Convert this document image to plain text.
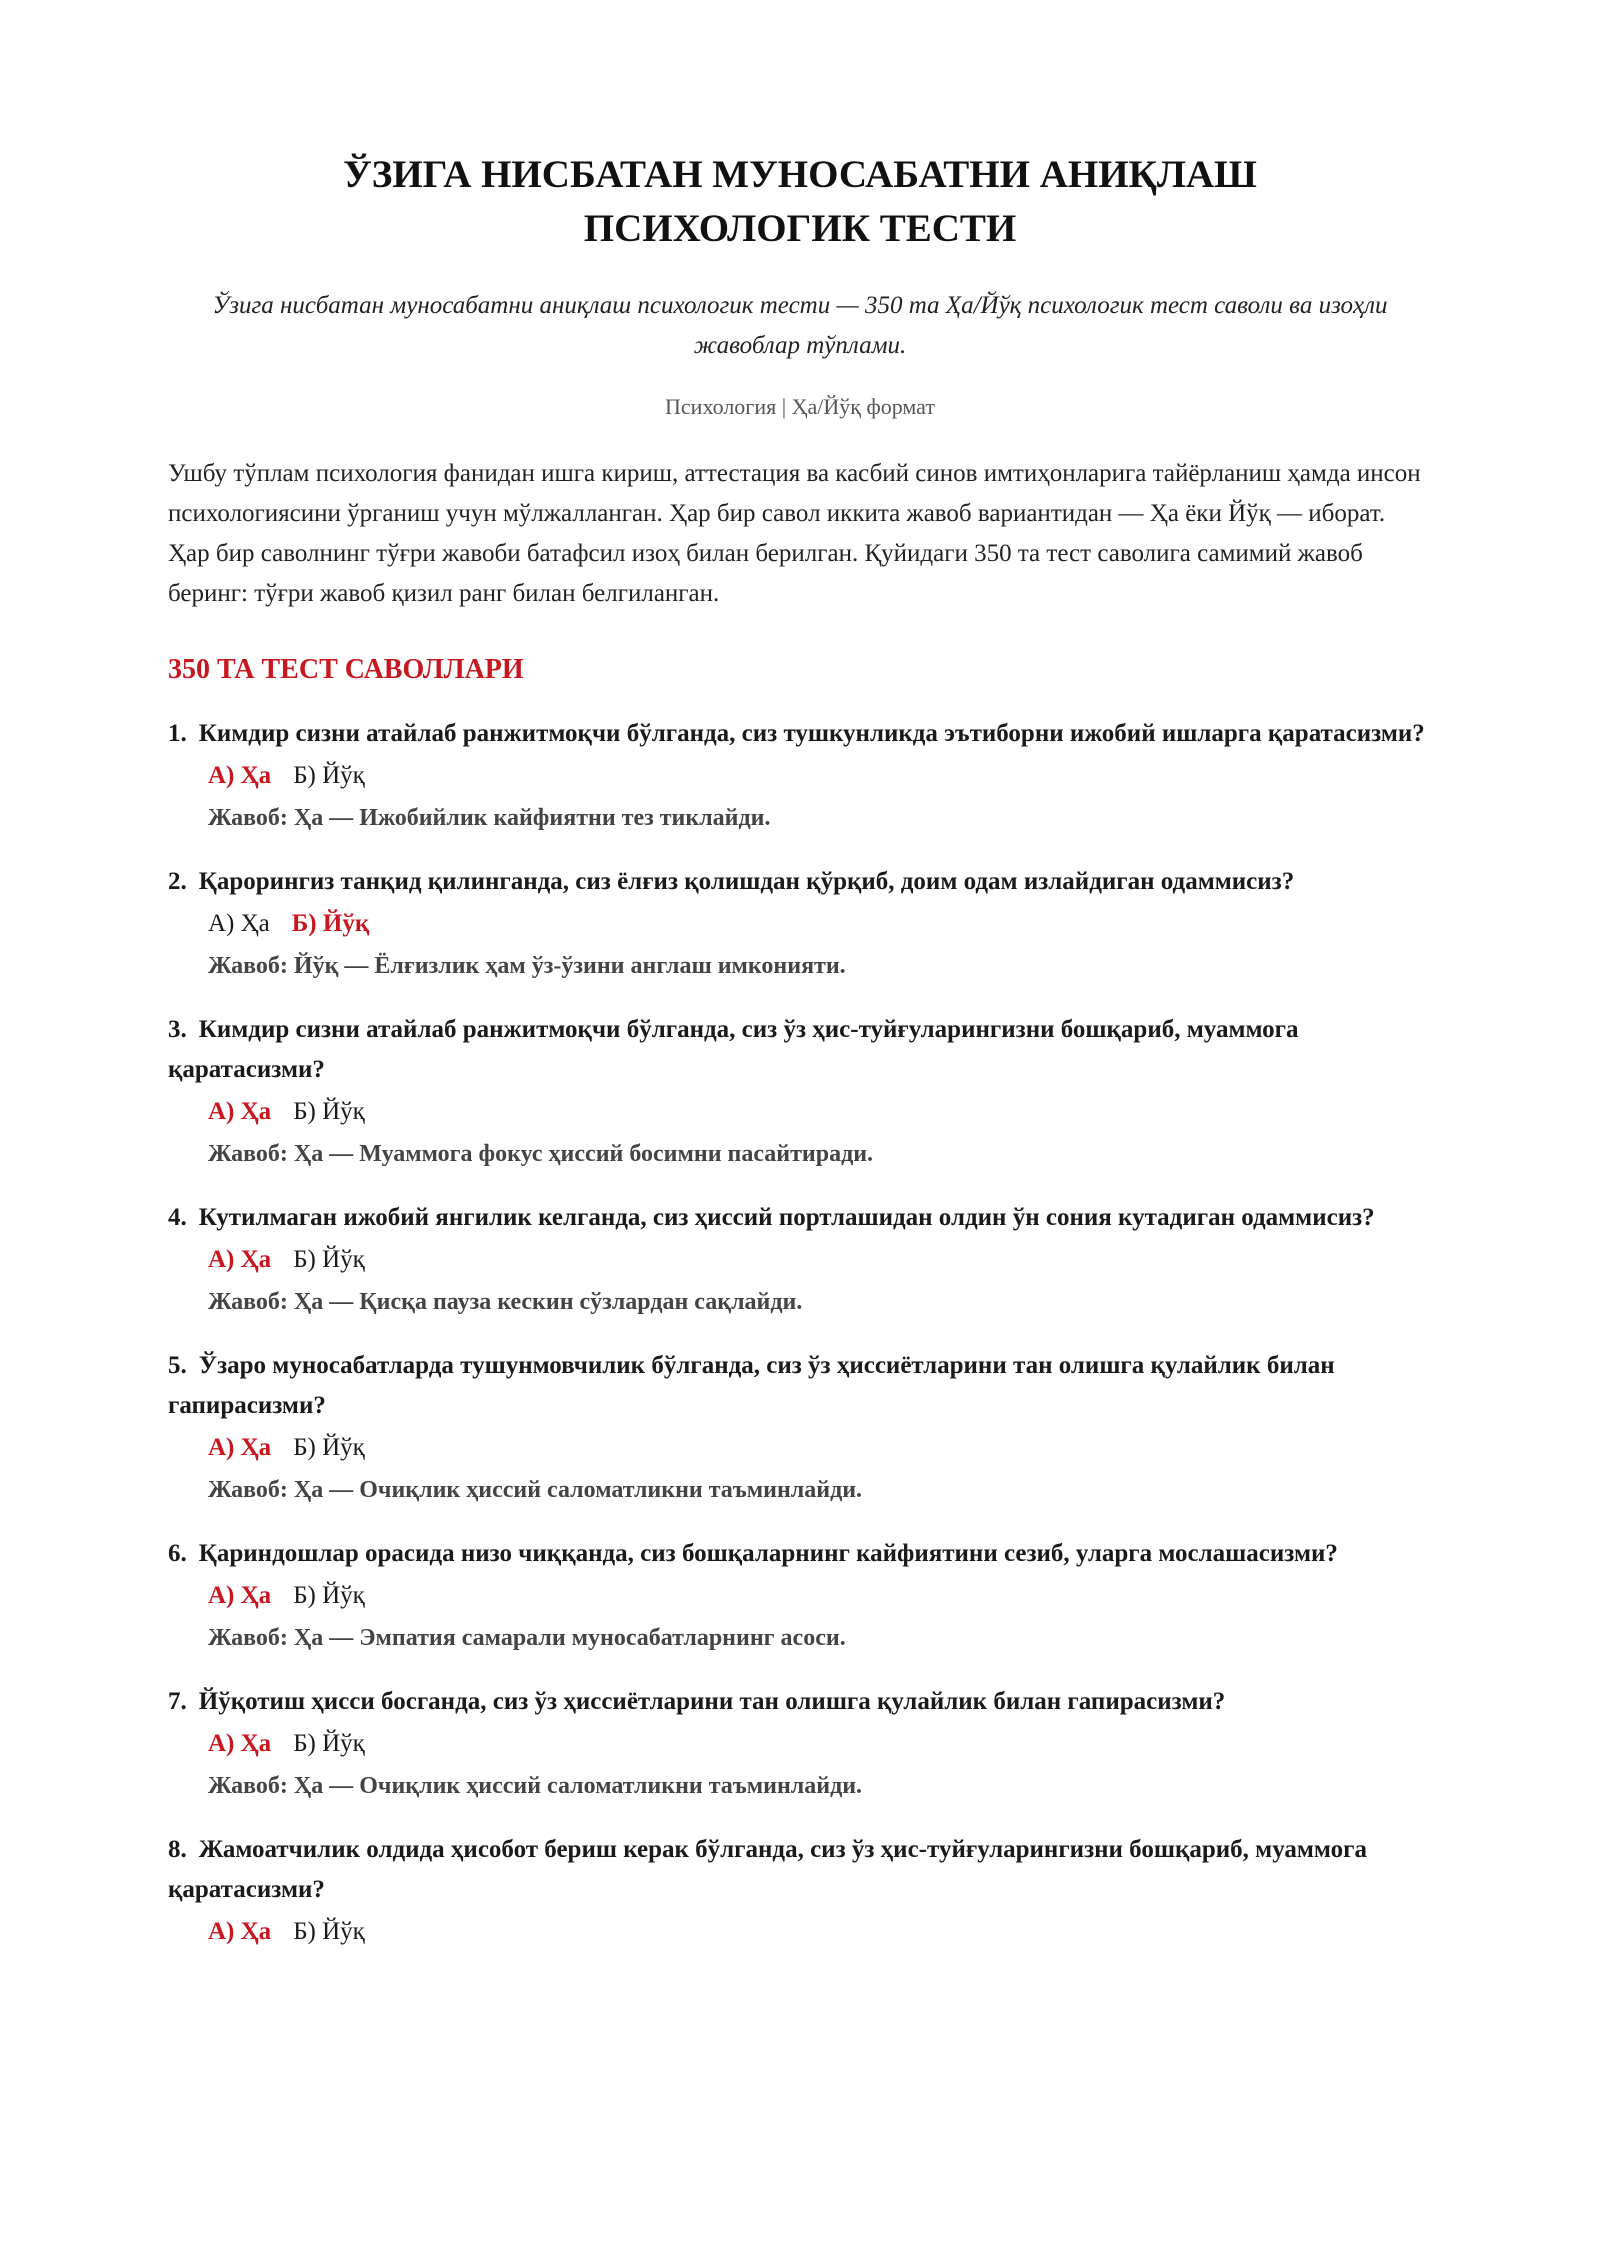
ЎЗИГА НИСБАТАН МУНОСАБАТНИ АНИҚЛАШ
ПСИХОЛОГИК ТЕСТИ
Ўзига нисбатан муносабатни аниқлаш психологик тести — 350 та Ҳа/Йўқ психологик тест саволи ва изоҳли жавоблар тўплами.
Психология | Ҳа/Йўқ формат
Ушбу тўплам психология фанидан ишга кириш, аттестация ва касбий синов имтиҳонларига тайёрланиш ҳамда инсон психологиясини ўрганиш учун мўлжалланган. Ҳар бир савол иккита жавоб вариантидан — Ҳа ёки Йўқ — иборат. Ҳар бир саволнинг тўғри жавоби батафсил изоҳ билан берилган. Қуйидаги 350 та тест саволига самимий жавоб беринг: тўғри жавоб қизил ранг билан белгиланган.
350 ТА ТЕСТ САВОЛЛАРИ
1. Кимдир сизни атайлаб ранжитмоқчи бўлганда, сиз тушкунликда эътиборни ижобий ишларга қаратасизми?
А) Ҳа Б) Йўқ
Жавоб: Ҳа — Ижобийлик кайфиятни тез тиклайди.
2. Қарорингиз танқид қилинганда, сиз ёлғиз қолишдан қўрқиб, доим одам излайдиган одаммисиз?
А) Ҳа Б) Йўқ
Жавоб: Йўқ — Ёлғизлик ҳам ўз-ўзини англаш имконияти.
3. Кимдир сизни атайлаб ранжитмоқчи бўлганда, сиз ўз ҳис-туйғуларингизни бошқариб, муаммога қаратасизми?
А) Ҳа Б) Йўқ
Жавоб: Ҳа — Муаммога фокус ҳиссий босимни пасайтиради.
4. Кутилмаган ижобий янгилик келганда, сиз ҳиссий портлашидан олдин ўн сония кутадиган одаммисиз?
А) Ҳа Б) Йўқ
Жавоб: Ҳа — Қисқа пауза кескин сўзлардан сақлайди.
5. Ўзаро муносабатларда тушунмовчилик бўлганда, сиз ўз ҳиссиётларини тан олишга қулайлик билан гапирасизми?
А) Ҳа Б) Йўқ
Жавоб: Ҳа — Очиқлик ҳиссий саломатликни таъминлайди.
6. Қариндошлар орасида низо чиққанда, сиз бошқаларнинг кайфиятини сезиб, уларга мослашасизми?
А) Ҳа Б) Йўқ
Жавоб: Ҳа — Эмпатия самарали муносабатларнинг асоси.
7. Йўқотиш ҳисси босганда, сиз ўз ҳиссиётларини тан олишга қулайлик билан гапирасизми?
А) Ҳа Б) Йўқ
Жавоб: Ҳа — Очиқлик ҳиссий саломатликни таъминлайди.
8. Жамоатчилик олдида ҳисобот бериш керак бўлганда, сиз ўз ҳис-туйғуларингизни бошқариб, муаммога қаратасизми?
А) Ҳа Б) Йўқ
